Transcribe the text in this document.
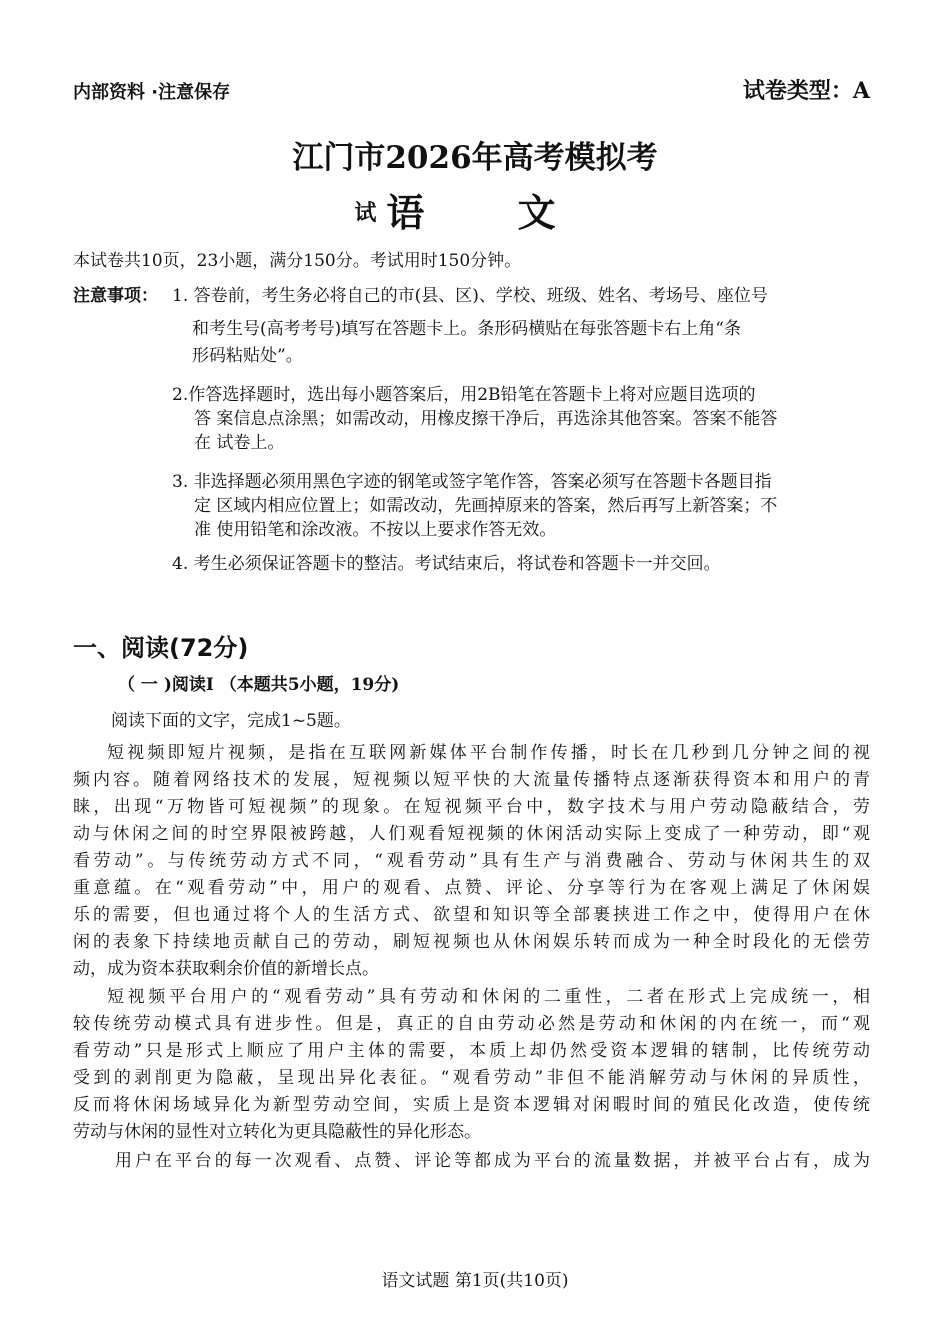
内部资料 ·注意保存	试卷类型：A
江门市2026年高考模拟考
试 语 文
本试卷共10页，23小题，满分150分。考试用时150分钟。
注意事项： 1. 答卷前，考生务必将自己的市(县、区)、学校、班级、姓名、考场号、座位号
和考生号(高考考号)填写在答题卡上。条形码横贴在每张答题卡右上角“条
形码粘贴处”。
2.作答选择题时，选出每小题答案后，用2B铅笔在答题卡上将对应题目选项的
答 案信息点涂黑；如需改动，用橡皮擦干净后，再选涂其他答案。答案不能答
在 试卷上。
3. 非选择题必须用黑色字迹的钢笔或签字笔作答，答案必须写在答题卡各题目指
定 区域内相应位置上；如需改动，先画掉原来的答案，然后再写上新答案；不
准 使用铅笔和涂改液。不按以上要求作答无效。
4. 考生必须保证答题卡的整洁。考试结束后，将试卷和答题卡一并交回。
一、阅读(72分)
（ 一 )阅读Ⅰ （本题共5小题，19分)
阅读下面的文字，完成1~5题。
短视频即短片视频，是指在互联网新媒体平台制作传播，时长在几秒到几分钟之间的视
频内容。随着网络技术的发展，短视频以短平快的大流量传播特点逐渐获得资本和用户的青
睐，出现“万物皆可短视频”的现象。在短视频平台中，数字技术与用户劳动隐蔽结合，劳
动与休闲之间的时空界限被跨越，人们观看短视频的休闲活动实际上变成了一种劳动，即“观
看劳动”。与传统劳动方式不同，“观看劳动”具有生产与消费融合、劳动与休闲共生的双
重意蕴。在“观看劳动”中，用户的观看、点赞、评论、分享等行为在客观上满足了休闲娱
乐的需要，但也通过将个人的生活方式、欲望和知识等全部裹挟进工作之中，使得用户在休
闲的表象下持续地贡献自己的劳动，刷短视频也从休闲娱乐转而成为一种全时段化的无偿劳
动，成为资本获取剩余价值的新增长点。
短视频平台用户的“观看劳动”具有劳动和休闲的二重性，二者在形式上完成统一，相
较传统劳动模式具有进步性。但是，真正的自由劳动必然是劳动和休闲的内在统一，而“观
看劳动”只是形式上顺应了用户主体的需要，本质上却仍然受资本逻辑的辖制，比传统劳动
受到的剥削更为隐蔽，呈现出异化表征。“观看劳动”非但不能消解劳动与休闲的异质性，
反而将休闲场域异化为新型劳动空间，实质上是资本逻辑对闲暇时间的殖民化改造，使传统
劳动与休闲的显性对立转化为更具隐蔽性的异化形态。
用户在平台的每一次观看、点赞、评论等都成为平台的流量数据，并被平台占有，成为
语文试题 第1页(共10页)
